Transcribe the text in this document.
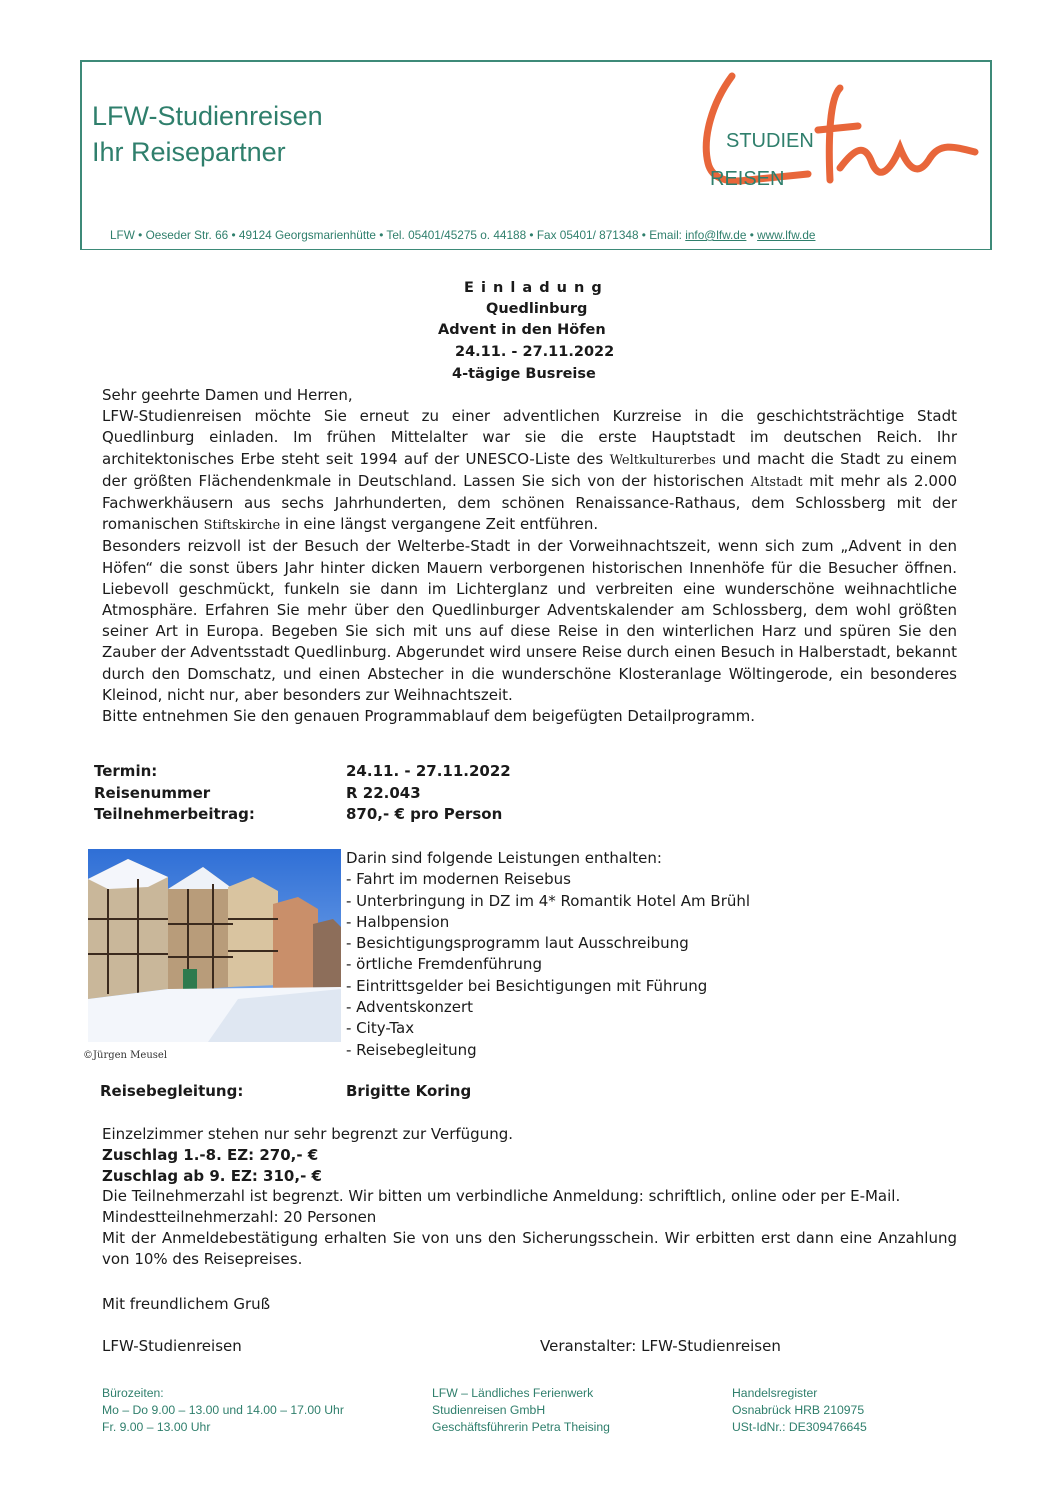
LFW-Studienreisen
Ihr Reisepartner	STUDIEN
REISEN
LFW • Oeseder Str. 66 • 49124 Georgsmarienhütte • Tel. 05401/45275 o. 44188 • Fax 05401/ 871348 • Email: info@lfw.de • www.lfw.de
E i n l a d u n g
Quedlinburg
Advent in den Höfen
24.11. - 27.11.2022
4-tägige Busreise

Sehr geehrte Damen und Herren,

LFW-Studienreisen möchte Sie erneut zu einer adventlichen Kurzreise in die geschichtsträchtige Stadt Quedlinburg einladen. Im frühen Mittelalter war sie die erste Hauptstadt im deutschen Reich. Ihr architektonisches Erbe steht seit 1994 auf der UNESCO-Liste des Weltkulturerbes und macht die Stadt zu einem der größten Flächendenkmale in Deutschland. Lassen Sie sich von der historischen Altstadt mit mehr als 2.000 Fachwerkhäusern aus sechs Jahrhunderten, dem schönen Renaissance-Rathaus, dem Schlossberg mit der romanischen Stiftskirche in eine längst vergangene Zeit entführen.

Besonders reizvoll ist der Besuch der Welterbe-Stadt in der Vorweihnachtszeit, wenn sich zum „Advent in den Höfen“ die sonst übers Jahr hinter dicken Mauern verborgenen historischen Innenhöfe für die Besucher öffnen. Liebevoll geschmückt, funkeln sie dann im Lichterglanz und verbreiten eine wunderschöne weihnachtliche Atmosphäre. Erfahren Sie mehr über den Quedlinburger Adventskalender am Schlossberg, dem wohl größten seiner Art in Europa. Begeben Sie sich mit uns auf diese Reise in den winterlichen Harz und spüren Sie den Zauber der Adventsstadt Quedlinburg. Abgerundet wird unsere Reise durch einen Besuch in Halberstadt, bekannt durch den Domschatz, und einen Abstecher in die wunderschöne Klosteranlage Wöltingerode, ein besonderes Kleinod, nicht nur, aber besonders zur Weihnachtszeit.

Bitte entnehmen Sie den genauen Programmablauf dem beigefügten Detailprogramm.

Termin:	24.11. - 27.11.2022
Reisenummer	R 22.043
Teilnehmerbeitrag:	870,- € pro Person
©Jürgen Meusel
Darin sind folgende Leistungen enthalten:
- Fahrt im modernen Reisebus
- Unterbringung in DZ im 4* Romantik Hotel Am Brühl
- Halbpension
- Besichtigungsprogramm laut Ausschreibung
- örtliche Fremdenführung
- Eintrittsgelder bei Besichtigungen mit Führung
- Adventskonzert
- City-Tax
- Reisebegleitung
Reisebegleitung:	Brigitte Koring
Einzelzimmer stehen nur sehr begrenzt zur Verfügung.
Zuschlag 1.-8. EZ: 270,- €
Zuschlag ab 9. EZ: 310,- €
Die Teilnehmerzahl ist begrenzt. Wir bitten um verbindliche Anmeldung: schriftlich, online oder per E-Mail.
Mindestteilnehmerzahl: 20 Personen
Mit der Anmeldebestätigung erhalten Sie von uns den Sicherungsschein. Wir erbitten erst dann eine Anzahlung von 10% des Reisepreises.
Mit freundlichem Gruß
LFW-Studienreisen	Veranstalter: LFW-Studienreisen
Bürozeiten:
Mo – Do 9.00 – 13.00 und 14.00 – 17.00 Uhr
Fr. 9.00 – 13.00 Uhr
LFW – Ländliches Ferienwerk
Studienreisen GmbH
Geschäftsführerin Petra Theising
Handelsregister
Osnabrück HRB 210975
USt-IdNr.: DE309476645
